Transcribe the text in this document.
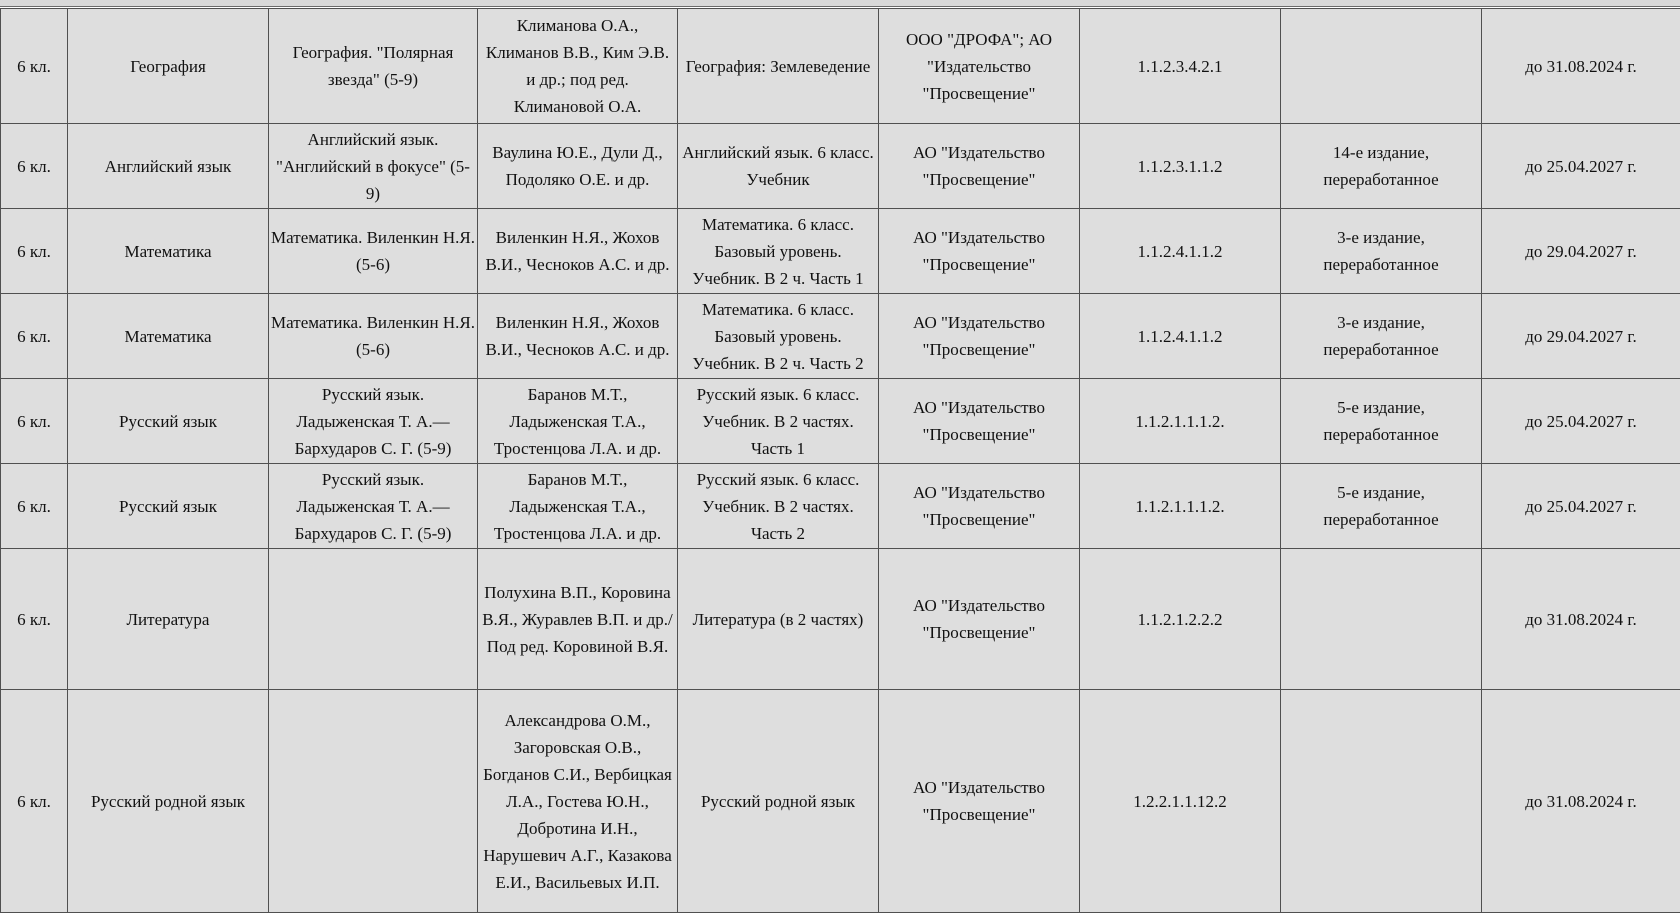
6 кл.	География	География. "Полярная звезда" (5-9)	Климанова О.А., Климанов В.В., Ким Э.В. и др.; под ред. Климановой О.А.	География: Землеведение	ООО "ДРОФА"; АО "Издательство "Просвещение"	1.1.2.3.4.2.1		до 31.08.2024 г.
6 кл.	Английский язык	Английский язык. "Английский в фокусе" (5-9)	Ваулина Ю.Е., Дули Д., Подоляко О.Е. и др.	Английский язык. 6 класс. Учебник	АО "Издательство "Просвещение"	1.1.2.3.1.1.2	14-е издание, переработанное	до 25.04.2027 г.
6 кл.	Математика	Математика. Виленкин Н.Я. (5-6)	Виленкин Н.Я., Жохов В.И., Чесноков А.С. и др.	Математика. 6 класс. Базовый уровень. Учебник. В 2 ч. Часть 1	АО "Издательство "Просвещение"	1.1.2.4.1.1.2	3-е издание, переработанное	до 29.04.2027 г.
6 кл.	Математика	Математика. Виленкин Н.Я. (5-6)	Виленкин Н.Я., Жохов В.И., Чесноков А.С. и др.	Математика. 6 класс. Базовый уровень. Учебник. В 2 ч. Часть 2	АО "Издательство "Просвещение"	1.1.2.4.1.1.2	3-е издание, переработанное	до 29.04.2027 г.
6 кл.	Русский язык	Русский язык. Ладыженская Т. А.—Бархударов С. Г. (5-9)	Баранов М.Т., Ладыженская Т.А., Тростенцова Л.А. и др.	Русский язык. 6 класс. Учебник. В 2 частях. Часть 1	АО "Издательство "Просвещение"	1.1.2.1.1.1.2.	5-е издание, переработанное	до 25.04.2027 г.
6 кл.	Русский язык	Русский язык. Ладыженская Т. А.—Бархударов С. Г. (5-9)	Баранов М.Т., Ладыженская Т.А., Тростенцова Л.А. и др.	Русский язык. 6 класс. Учебник. В 2 частях. Часть 2	АО "Издательство "Просвещение"	1.1.2.1.1.1.2.	5-е издание, переработанное	до 25.04.2027 г.
6 кл.	Литература		Полухина В.П., Коровина В.Я., Журавлев В.П. и др./ Под ред. Коровиной В.Я.	Литература (в 2 частях)	АО "Издательство "Просвещение"	1.1.2.1.2.2.2		до 31.08.2024 г.
6 кл.	Русский родной язык		Александрова О.М., Загоровская О.В., Богданов С.И., Вербицкая Л.А., Гостева Ю.Н., Добротина И.Н., Нарушевич А.Г., Казакова Е.И., Васильевых И.П.	Русский родной язык	АО "Издательство "Просвещение"	1.2.2.1.1.12.2		до 31.08.2024 г.
